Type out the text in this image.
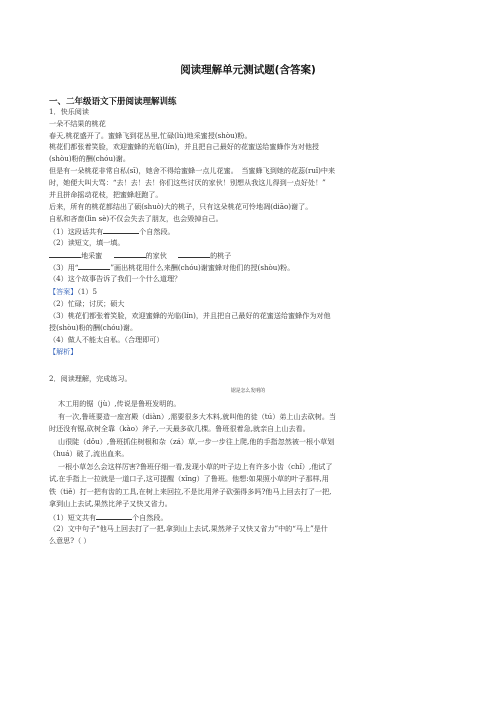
阅读理解单元测试题(含答案)
一、二年级语文下册阅读理解训练
1．快乐阅读
一朵不结果的桃花
春天,桃花盛开了。蜜蜂飞到花丛里,忙碌(lù)地采蜜授(shòu)粉。
桃花们都张着笑脸，欢迎蜜蜂的光临(lín)，并且把自己最好的花蜜送给蜜蜂作为对他授
(shòu)粉的酬(chóu)谢。
但是有一朵桃花非常自私(sī)，她舍不得给蜜蜂一点儿花蜜。　当蜜蜂飞到她的花蕊(ruǐ)中来
时，她便大叫大骂：“去！去！去！你们这些讨厌的家伙！别想从我这儿得到一点好处！”
并且拼命摇动花枝，把蜜蜂赶跑了。
后来，所有的桃花都结出了硕(shuò)大的桃子，只有这朵桃花可怜地凋(diāo)谢了。
自私和吝啬(lìn sè)不仅会失去了朋友，也会毁掉自己。
（1）这段话共有	个自然段。
（2）读短文，填一填。
地采蜜	的家伙	的桃子
（3）用“	”画出桃花用什么来酬(chóu)谢蜜蜂对他们的授(shòu)粉。
（4）这个故事告诉了我们一个什么道理？
【答案】（1）5
（2）忙碌；讨厌；硕大
（3）桃花们都张着笑脸，欢迎蜜蜂的光临(lín)，并且把自己最好的花蜜送给蜜蜂作为对他
授(shòu)粉的酬(chóu)谢。
（4）做人不能太自私。（合理即可）
【解析】
2．阅读理解，完成练习。
锯是怎么发明的
木工用的锯（jù）,传说是鲁班发明的。
有一次,鲁班要造一座宫殿（diàn）,需要很多大木料,就叫他的徒（tú）弟上山去砍树。当
时还没有锯,砍树全靠（kào）斧子,一天最多砍几棵。鲁班很着急,就亲自上山去看。
山很陡（dǒu）,鲁班抓住树根和杂（zá）草,一步一步往上爬,他的手指忽然被一根小草划
（huá）破了,流出血来。
一根小草怎么会这样厉害?鲁班仔细一看,发现小草的叶子边上有许多小齿（chǐ）,他试了
试,在手指上一拉就是一道口子,这可提醒（xǐng）了鲁班。他想:如果照小草的叶子那样,用
铁（tiě）打一把有齿的工具,在树上来回拉,不是比用斧子砍强得多吗?他马上回去打了一把,
拿到山上去试,果然比斧子又快又省力。
（1）短文共有	个自然段。
（2）文中句子“他马上回去打了一把,拿到山上去试,果然斧子又快又省力”中的“马上”是什
么意思?（ ）
